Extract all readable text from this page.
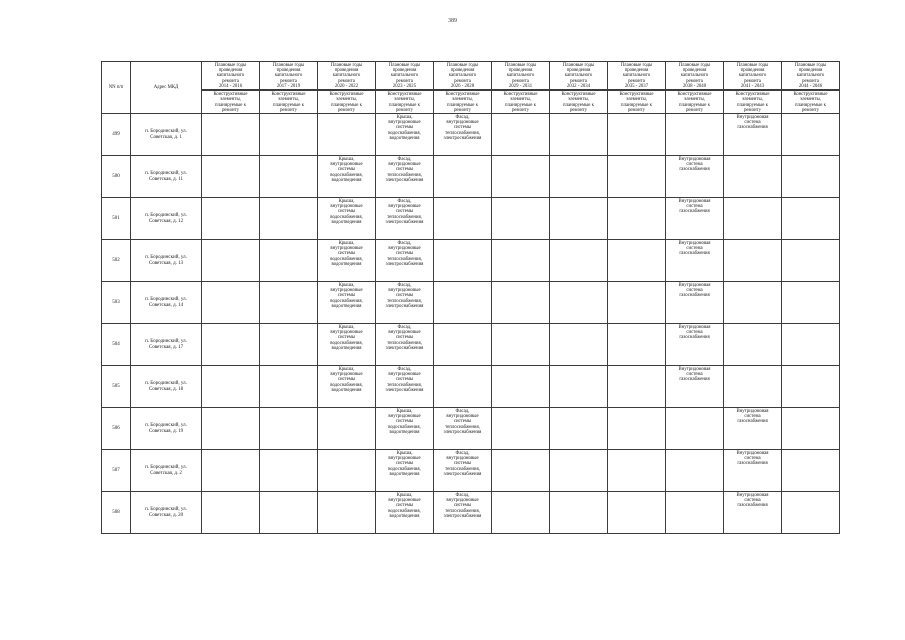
389
NN п/п	Адрес МКД	Плановые годы
проведения
капитального
ремонта
2014 - 2016	Плановые годы
проведения
капитального
ремонта
2017 - 2019	Плановые годы
проведения
капитального
ремонта
2020 - 2022	Плановые годы
проведения
капитального
ремонта
2023 - 2025	Плановые годы
проведения
капитального
ремонта
2026 - 2028	Плановые годы
проведения
капитального
ремонта
2029 - 2031	Плановые годы
проведения
капитального
ремонта
2032 - 2034	Плановые годы
проведения
капитального
ремонта
2035 - 2037	Плановые годы
проведения
капитального
ремонта
2038 - 2040	Плановые годы
проведения
капитального
ремонта
2041 - 2043	Плановые годы
проведения
капитального
ремонта
2044 - 2046

		Конструктивные
элементы,
планируемые к
ремонту	Конструктивные
элементы,
планируемые к
ремонту	Конструктивные
элементы,
планируемые к
ремонту	Конструктивные
элементы,
планируемые к
ремонту	Конструктивные
элементы,
планируемые к
ремонту	Конструктивные
элементы,
планируемые к
ремонту	Конструктивные
элементы,
планируемые к
ремонту	Конструктивные
элементы,
планируемые к
ремонту	Конструктивные
элементы,
планируемые к
ремонту	Конструктивные
элементы,
планируемые к
ремонту	Конструктивные
элементы,
планируемые к
ремонту

499	п. Бородинский, ул.
Советская, д. 1				Крыша,
внутридомовые
системы
водоснабжения,
водоотведения	Фасад,
внутридомовые
системы
теплоснабжения,
электроснабжения					Внутридомовая
система
газоснабжения	

500	п. Бородинский, ул.
Советская, д. 11			Крыша,
внутридомовые
системы
водоснабжения,
водоотведения	Фасад,
внутридомовые
системы
теплоснабжения,
электроснабжения					Внутридомовая
система
газоснабжения		

501	п. Бородинский, ул.
Советская, д. 12			Крыша,
внутридомовые
системы
водоснабжения,
водоотведения	Фасад,
внутридомовые
системы
теплоснабжения,
электроснабжения					Внутридомовая
система
газоснабжения		

502	п. Бородинский, ул.
Советская, д. 13			Крыша,
внутридомовые
системы
водоснабжения,
водоотведения	Фасад,
внутридомовые
системы
теплоснабжения,
электроснабжения					Внутридомовая
система
газоснабжения		

503	п. Бородинский, ул.
Советская, д. 14			Крыша,
внутридомовые
системы
водоснабжения,
водоотведения	Фасад,
внутридомовые
системы
теплоснабжения,
электроснабжения					Внутридомовая
система
газоснабжения		

504	п. Бородинский, ул.
Советская, д. 17			Крыша,
внутридомовые
системы
водоснабжения,
водоотведения	Фасад,
внутридомовые
системы
теплоснабжения,
электроснабжения					Внутридомовая
система
газоснабжения		

505	п. Бородинский, ул.
Советская, д. 18			Крыша,
внутридомовые
системы
водоснабжения,
водоотведения	Фасад,
внутридомовые
системы
теплоснабжения,
электроснабжения					Внутридомовая
система
газоснабжения		

506	п. Бородинский, ул.
Советская, д. 19				Крыша,
внутридомовые
системы
водоснабжения,
водоотведения	Фасад,
внутридомовые
системы
теплоснабжения,
электроснабжения					Внутридомовая
система
газоснабжения	

507	п. Бородинский, ул.
Советская, д. 2				Крыша,
внутридомовые
системы
водоснабжения,
водоотведения	Фасад,
внутридомовые
системы
теплоснабжения,
электроснабжения					Внутридомовая
система
газоснабжения	

508	п. Бородинский, ул.
Советская, д. 20				Крыша,
внутридомовые
системы
водоснабжения,
водоотведения	Фасад,
внутридомовые
системы
теплоснабжения,
электроснабжения					Внутридомовая
система
газоснабжения	
